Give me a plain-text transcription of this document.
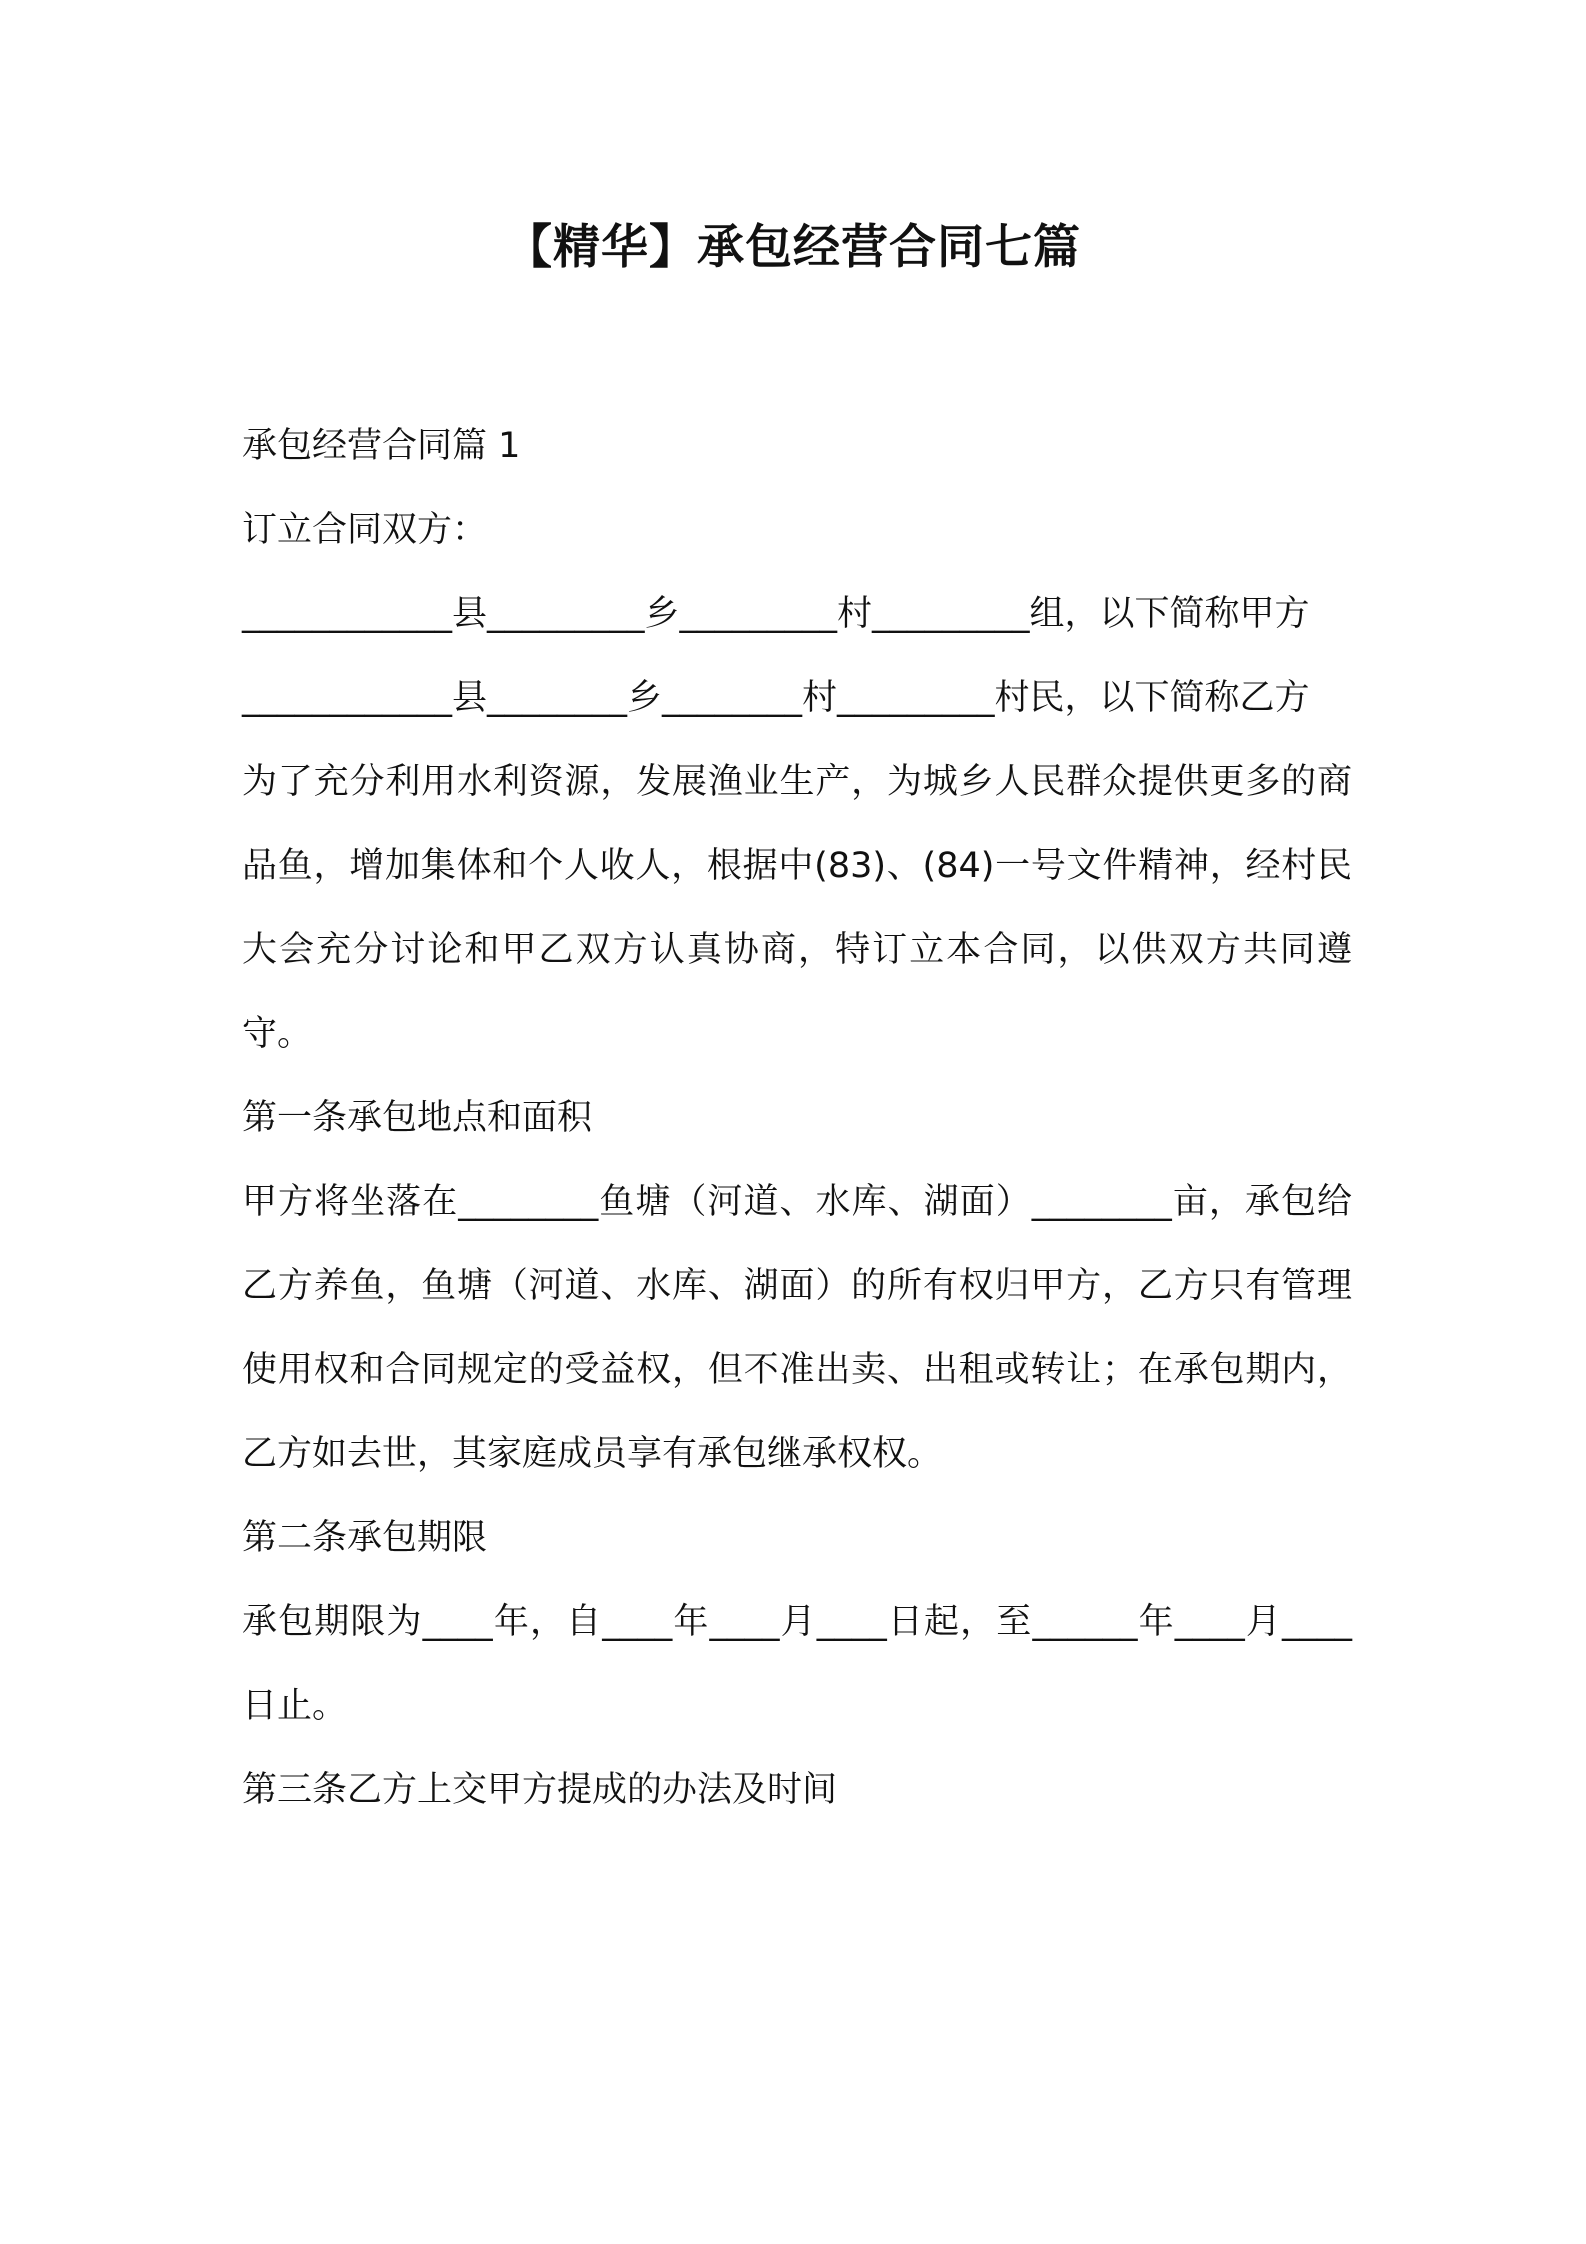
【精华】承包经营合同七篇

承包经营合同篇 1

订立合同双方：

____________县_________乡_________村_________组，以下简称甲方

____________县________乡________村_________村民，以下简称乙方

为了充分利用水利资源，发展渔业生产，为城乡人民群众提供更多的商品鱼，增加集体和个人收人，根据中(83)、(84)一号文件精神，经村民大会充分讨论和甲乙双方认真协商，特订立本合同，以供双方共同遵守。

第一条承包地点和面积

甲方将坐落在________鱼塘（河道、水库、湖面）________亩，承包给乙方养鱼，鱼塘（河道、水库、湖面）的所有权归甲方，乙方只有管理使用权和合同规定的受益权，但不准出卖、出租或转让；在承包期内，乙方如去世，其家庭成员享有承包继承权权。

第二条承包期限

承包期限为____年，自____年____月____日起，至______年____月____日止。

第三条乙方上交甲方提成的办法及时间
